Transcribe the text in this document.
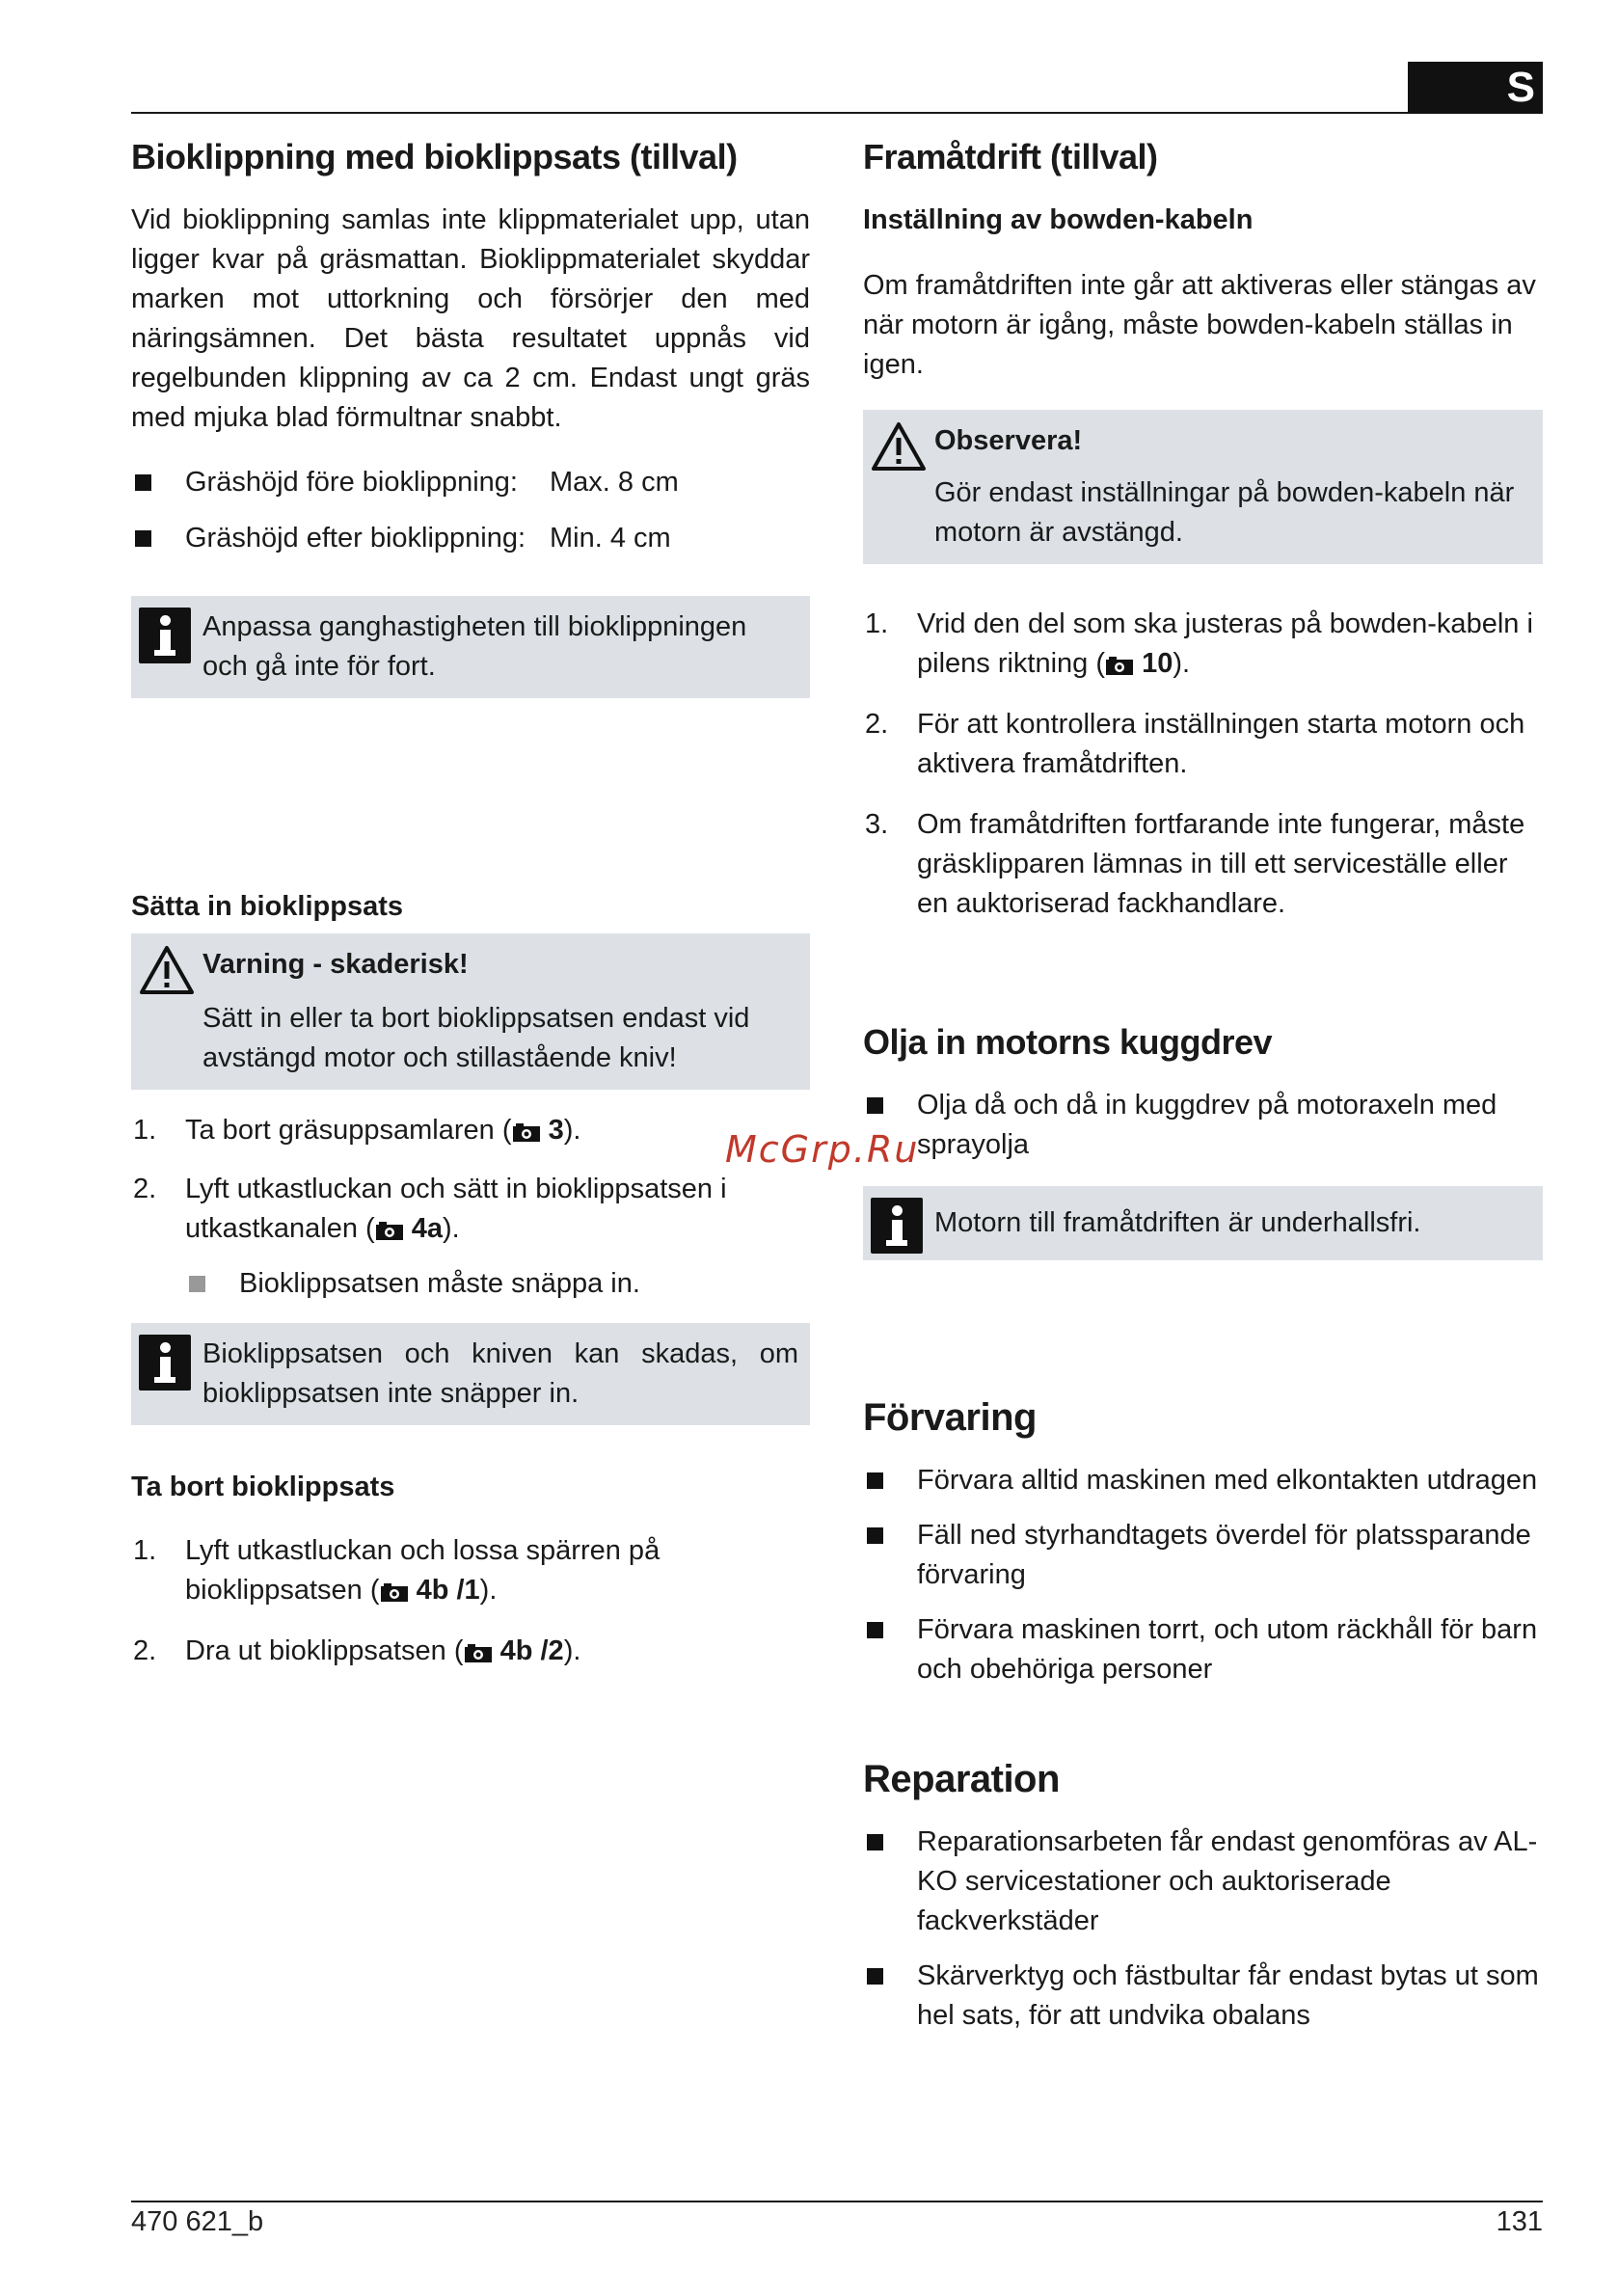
S
Bioklippning med bioklippsats (tillval)

Vid bioklippning samlas inte klippmaterialet upp, utan ligger kvar på gräsmattan. Bioklippmaterialet skyddar marken mot uttorkning och försörjer den med näringsämnen. Det bästa resultatet uppnås vid regelbunden klippning av ca 2 cm. Endast ungt gräs med mjuka blad förmultnar snabbt.

Gräshöjd före bioklippning: Max. 8 cm
Gräshöjd efter bioklippning: Min. 4 cm
Anpassa ganghastigheten till bioklippningen och gå inte för fort.
Sätta in bioklippsats
Varning - skaderisk!
Sätt in eller ta bort bioklippsatsen endast vid avstängd motor och stillastående kniv!
1. Ta bort gräsuppsamlaren ( 3).
2. Lyft utkastluckan och sätt in bioklippsatsen i utkastkanalen ( 4a).
Bioklippsatsen måste snäppa in.
Bioklippsatsen och kniven kan skadas, om bioklippsatsen inte snäpper in.
Ta bort bioklippsats
1. Lyft utkastluckan och lossa spärren på bioklippsatsen ( 4b /1).
2. Dra ut bioklippsatsen ( 4b /2).
Framåtdrift (tillval)
Inställning av bowden-kabeln

Om framåtdriften inte går att aktiveras eller stängas av när motorn är igång, måste bowden-kabeln ställas in igen.

Observera!
Gör endast inställningar på bowden-kabeln när motorn är avstängd.
1. Vrid den del som ska justeras på bowden-kabeln i pilens riktning ( 10).
2. För att kontrollera inställningen starta motorn och aktivera framåtdriften.
3. Om framåtdriften fortfarande inte fungerar, måste gräsklipparen lämnas in till ett serviceställe eller en auktoriserad fackhandlare.
Olja in motorns kuggdrev
Olja då och då in kuggdrev på motoraxeln med sprayolja
Motorn till framåtdriften är underhallsfri.
Förvaring
Förvara alltid maskinen med elkontakten utdragen
Fäll ned styrhandtagets överdel för platssparande förvaring
Förvara maskinen torrt, och utom räckhåll för barn och obehöriga personer
Reparation
Reparationsarbeten får endast genomföras av AL-KO servicestationer och auktoriserade fackverkstäder
Skärverktyg och fästbultar får endast bytas ut som hel sats, för att undvika obalans
McGrp.Ru
470 621_b	131
